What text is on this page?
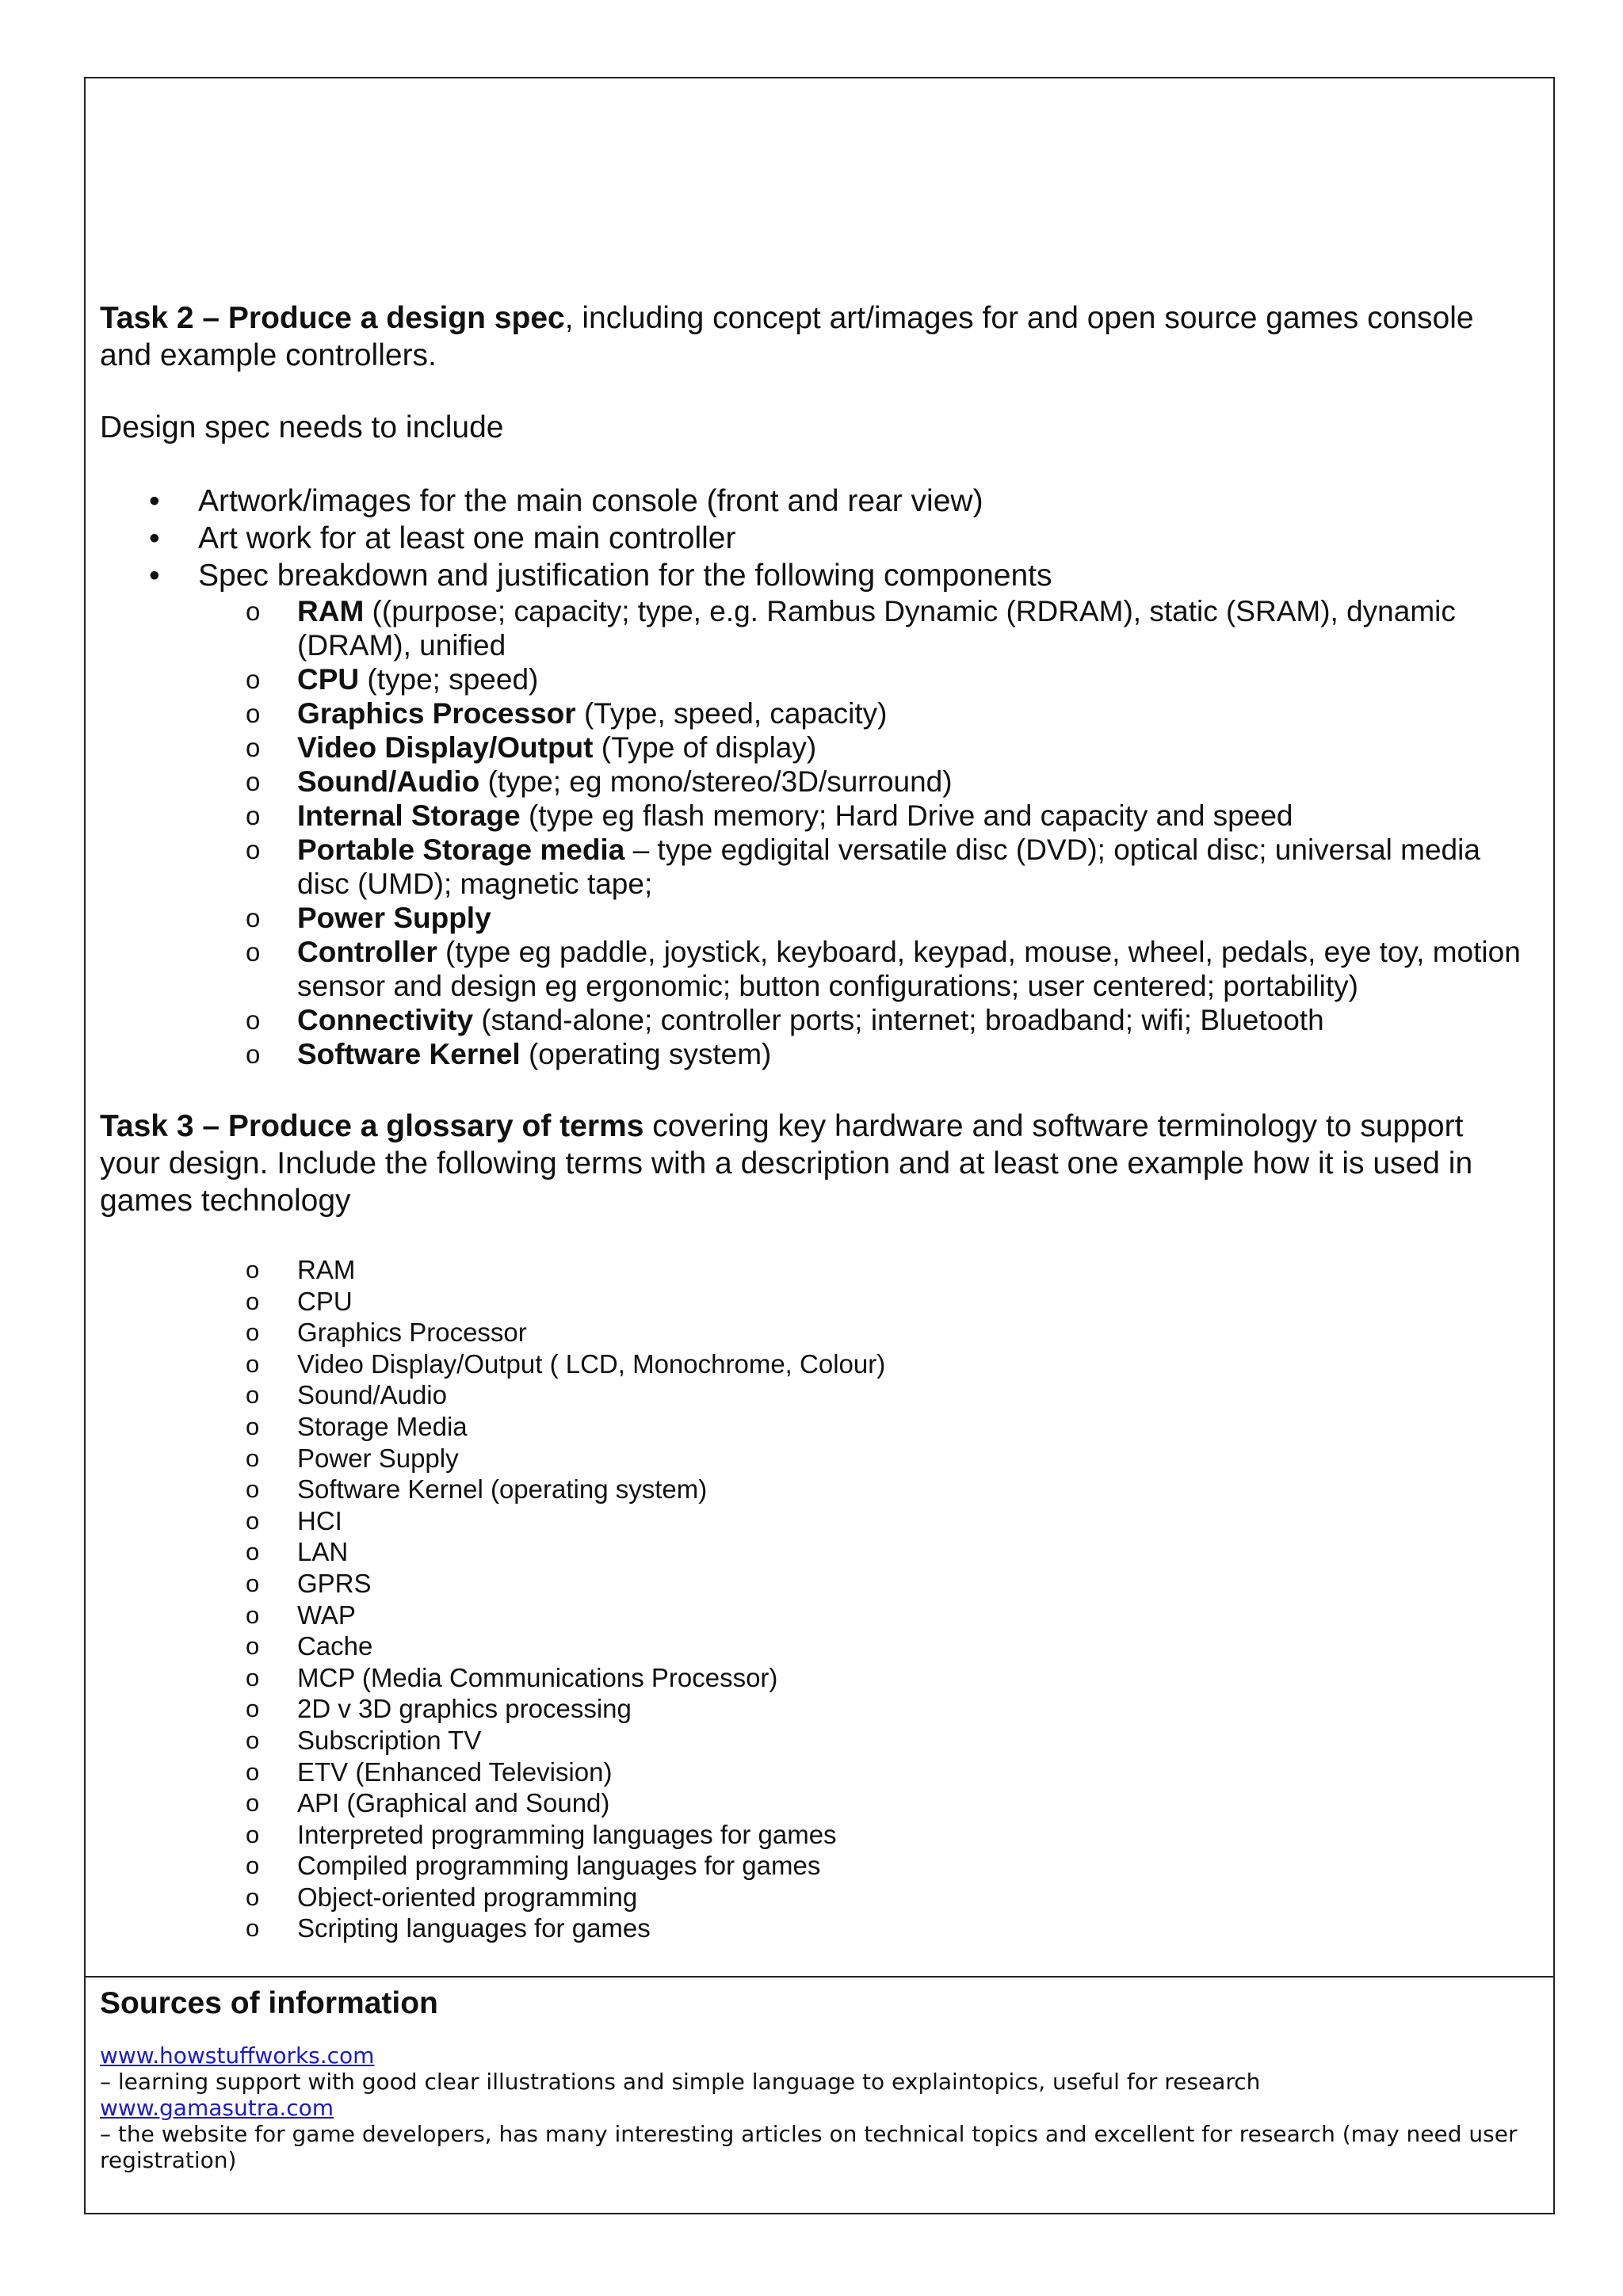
Task 2 – Produce a design spec, including concept art/images for and open source games console and example controllers.

Design spec needs to include

• Artwork/images for the main console (front and rear view)
• Art work for at least one main controller
• Spec breakdown and justification for the following components
o RAM ((purpose; capacity; type, e.g. Rambus Dynamic (RDRAM), static (SRAM), dynamic (DRAM), unified
o CPU (type; speed)
o Graphics Processor (Type, speed, capacity)
o Video Display/Output (Type of display)
o Sound/Audio (type; eg mono/stereo/3D/surround)
o Internal Storage (type eg flash memory; Hard Drive and capacity and speed
o Portable Storage media – type egdigital versatile disc (DVD); optical disc; universal media disc (UMD); magnetic tape;
o Power Supply
o Controller (type eg paddle, joystick, keyboard, keypad, mouse, wheel, pedals, eye toy, motion sensor and design eg ergonomic; button configurations; user centered; portability)
o Connectivity (stand-alone; controller ports; internet; broadband; wifi; Bluetooth
o Software Kernel (operating system)

Task 3 – Produce a glossary of terms covering key hardware and software terminology to support your design. Include the following terms with a description and at least one example how it is used in games technology

o RAM
o CPU
o Graphics Processor
o Video Display/Output ( LCD, Monochrome, Colour)
o Sound/Audio
o Storage Media
o Power Supply
o Software Kernel (operating system)
o HCI
o LAN
o GPRS
o WAP
o Cache
o MCP (Media Communications Processor)
o 2D v 3D graphics processing
o Subscription TV
o ETV (Enhanced Television)
o API (Graphical and Sound)
o Interpreted programming languages for games
o Compiled programming languages for games
o Object-oriented programming
o Scripting languages for games
Sources of information
www.howstuffworks.com
– learning support with good clear illustrations and simple language to explaintopics, useful for research
www.gamasutra.com
– the website for game developers, has many interesting articles on technical topics and excellent for research (may need user registration)
